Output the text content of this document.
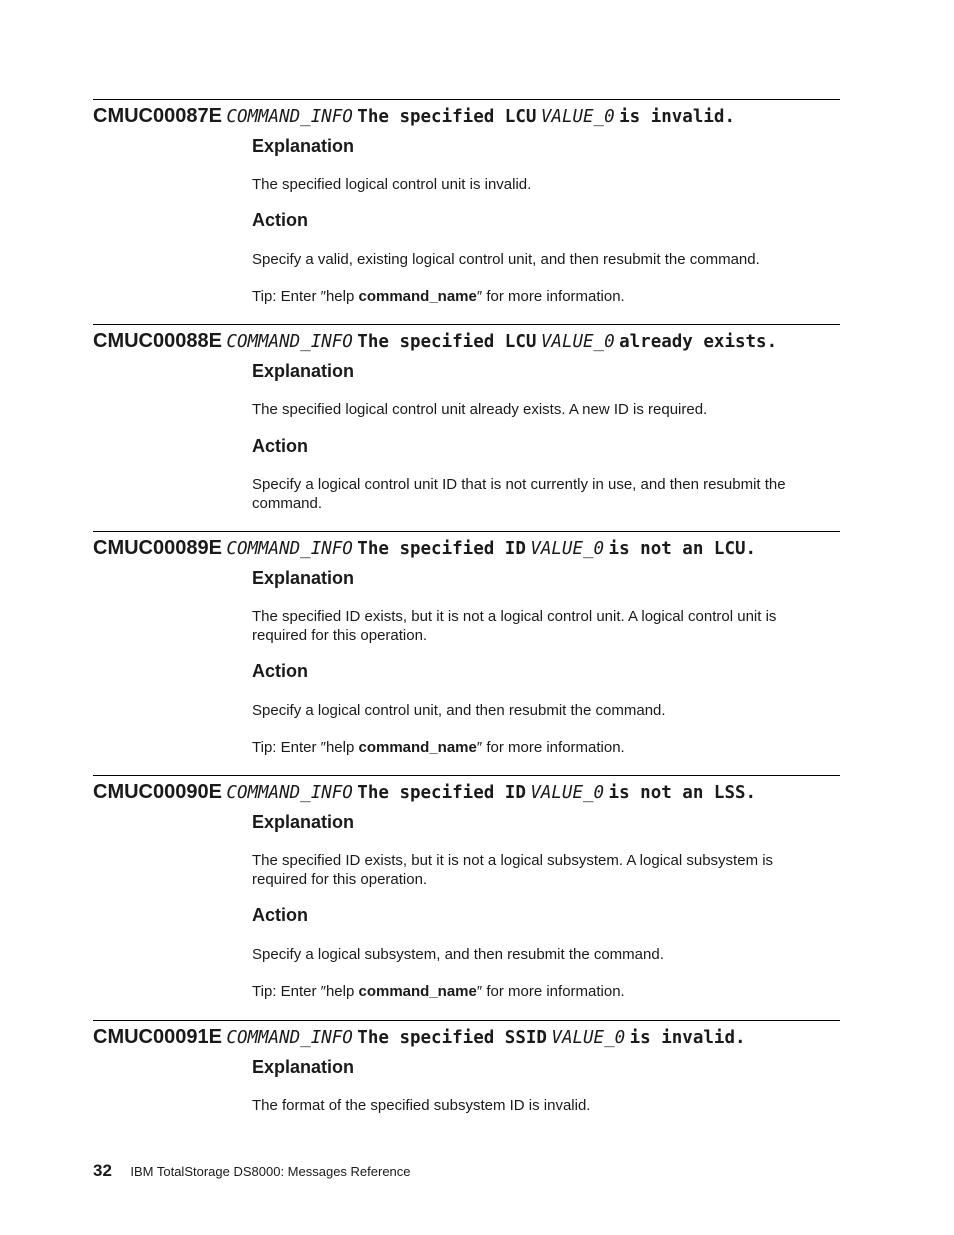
CMUC00087E COMMAND_INFO The specified LCU VALUE_0 is invalid.
Explanation
The specified logical control unit is invalid.
Action
Specify a valid, existing logical control unit, and then resubmit the command.
Tip: Enter ″help command_name″ for more information.
CMUC00088E COMMAND_INFO The specified LCU VALUE_0 already exists.
Explanation
The specified logical control unit already exists. A new ID is required.
Action
Specify a logical control unit ID that is not currently in use, and then resubmit the command.
CMUC00089E COMMAND_INFO The specified ID VALUE_0 is not an LCU.
Explanation
The specified ID exists, but it is not a logical control unit. A logical control unit is required for this operation.
Action
Specify a logical control unit, and then resubmit the command.
Tip: Enter ″help command_name″ for more information.
CMUC00090E COMMAND_INFO The specified ID VALUE_0 is not an LSS.
Explanation
The specified ID exists, but it is not a logical subsystem. A logical subsystem is required for this operation.
Action
Specify a logical subsystem, and then resubmit the command.
Tip: Enter ″help command_name″ for more information.
CMUC00091E COMMAND_INFO The specified SSID VALUE_0 is invalid.
Explanation
The format of the specified subsystem ID is invalid.
32 IBM TotalStorage DS8000: Messages Reference
